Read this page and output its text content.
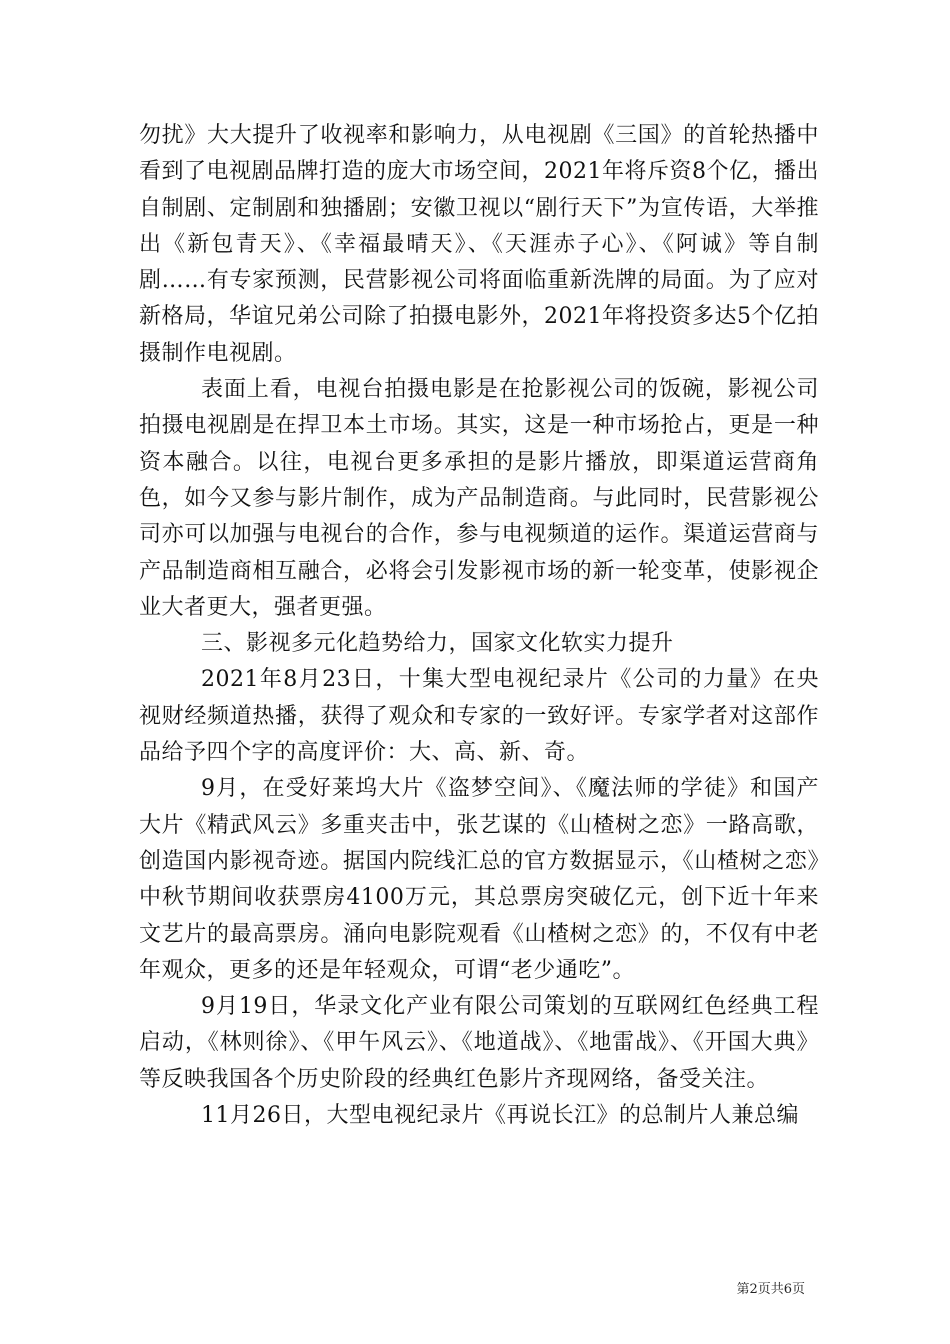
勿扰》大大提升了收视率和影响力，从电视剧《三国》的首轮热播中看到了电视剧品牌打造的庞大市场空间，2021年将斥资8个亿，播出自制剧、定制剧和独播剧；安徽卫视以“剧行天下”为宣传语，大举推出《新包青天》、《幸福最晴天》、《天涯赤子心》、《阿诚》等自制剧……有专家预测，民营影视公司将面临重新洗牌的局面。为了应对新格局，华谊兄弟公司除了拍摄电影外，2021年将投资多达5个亿拍摄制作电视剧。

表面上看，电视台拍摄电影是在抢影视公司的饭碗，影视公司拍摄电视剧是在捍卫本土市场。其实，这是一种市场抢占，更是一种资本融合。以往，电视台更多承担的是影片播放，即渠道运营商角色，如今又参与影片制作，成为产品制造商。与此同时，民营影视公司亦可以加强与电视台的合作，参与电视频道的运作。渠道运营商与产品制造商相互融合，必将会引发影视市场的新一轮变革，使影视企业大者更大，强者更强。

三、影视多元化趋势给力，国家文化软实力提升

2021年8月23日，十集大型电视纪录片《公司的力量》在央视财经频道热播，获得了观众和专家的一致好评。专家学者对这部作品给予四个字的高度评价：大、高、新、奇。

9月，在受好莱坞大片《盗梦空间》、《魔法师的学徒》和国产大片《精武风云》多重夹击中，张艺谋的《山楂树之恋》一路高歌，创造国内影视奇迹。据国内院线汇总的官方数据显示，《山楂树之恋》中秋节期间收获票房4100万元，其总票房突破亿元，创下近十年来文艺片的最高票房。涌向电影院观看《山楂树之恋》的，不仅有中老年观众，更多的还是年轻观众，可谓“老少通吃”。

9月19日，华录文化产业有限公司策划的互联网红色经典工程启动，《林则徐》、《甲午风云》、《地道战》、《地雷战》、《开国大典》等反映我国各个历史阶段的经典红色影片齐现网络，备受关注。

11月26日，大型电视纪录片《再说长江》的总制片人兼总编

第2页共6页
